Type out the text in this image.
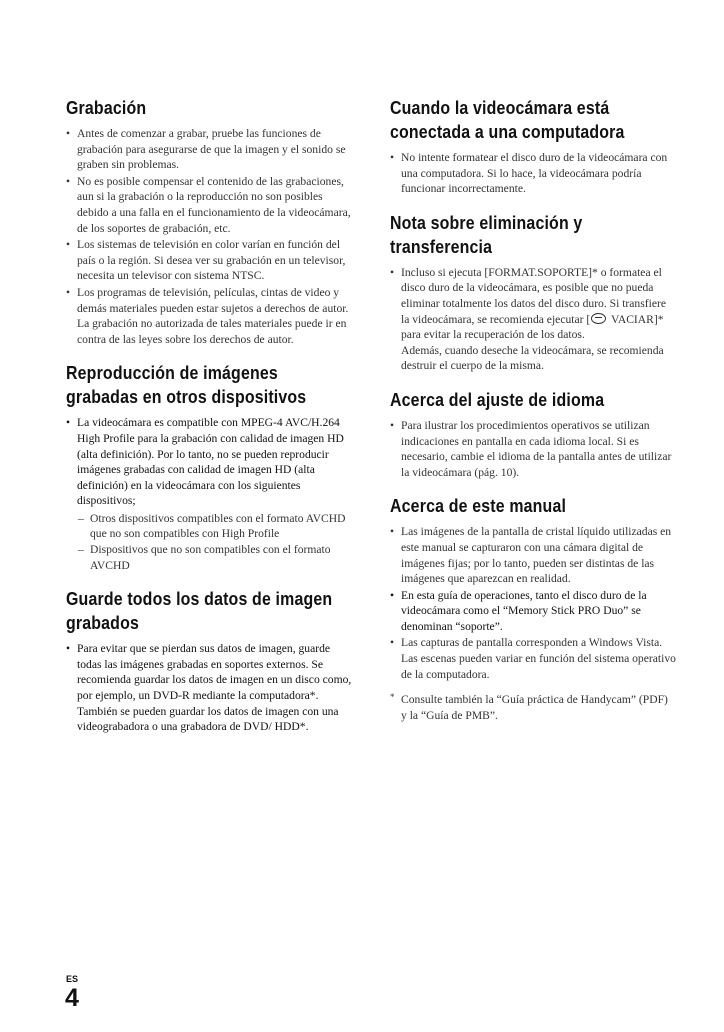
Grabación
• Antes de comenzar a grabar, pruebe las funciones de grabación para asegurarse de que la imagen y el sonido se graben sin problemas.
• No es posible compensar el contenido de las grabaciones, aun si la grabación o la reproducción no son posibles debido a una falla en el funcionamiento de la videocámara, de los soportes de grabación, etc.
• Los sistemas de televisión en color varían en función del país o la región. Si desea ver su grabación en un televisor, necesita un televisor con sistema NTSC.
• Los programas de televisión, películas, cintas de video y demás materiales pueden estar sujetos a derechos de autor. La grabación no autorizada de tales materiales puede ir en contra de las leyes sobre los derechos de autor.
Reproducción de imágenes grabadas en otros dispositivos
• La videocámara es compatible con MPEG-4 AVC/H.264 High Profile para la grabación con calidad de imagen HD (alta definición). Por lo tanto, no se pueden reproducir imágenes grabadas con calidad de imagen HD (alta definición) en la videocámara con los siguientes dispositivos;
– Otros dispositivos compatibles con el formato AVCHD que no son compatibles con High Profile
– Dispositivos que no son compatibles con el formato AVCHD
Guarde todos los datos de imagen grabados
• Para evitar que se pierdan sus datos de imagen, guarde todas las imágenes grabadas en soportes externos. Se recomienda guardar los datos de imagen en un disco como, por ejemplo, un DVD-R mediante la computadora*. También se pueden guardar los datos de imagen con una videograbadora o una grabadora de DVD/ HDD*.
Cuando la videocámara está conectada a una computadora
• No intente formatear el disco duro de la videocámara con una computadora. Si lo hace, la videocámara podría funcionar incorrectamente.
Nota sobre eliminación y transferencia
• Incluso si ejecuta [FORMAT.SOPORTE]* o formatea el disco duro de la videocámara, es posible que no pueda eliminar totalmente los datos del disco duro. Si transfiere la videocámara, se recomienda ejecutar [ VACIAR]* para evitar la recuperación de los datos.
Además, cuando deseche la videocámara, se recomienda destruir el cuerpo de la misma.
Acerca del ajuste de idioma
• Para ilustrar los procedimientos operativos se utilizan indicaciones en pantalla en cada idioma local. Si es necesario, cambie el idioma de la pantalla antes de utilizar la videocámara (pág. 10).
Acerca de este manual
• Las imágenes de la pantalla de cristal líquido utilizadas en este manual se capturaron con una cámara digital de imágenes fijas; por lo tanto, pueden ser distintas de las imágenes que aparezcan en realidad.
• En esta guía de operaciones, tanto el disco duro de la videocámara como el “Memory Stick PRO Duo” se denominan “soporte”.
• Las capturas de pantalla corresponden a Windows Vista. Las escenas pueden variar en función del sistema operativo de la computadora.
* Consulte también la “Guía práctica de Handycam” (PDF) y la “Guía de PMB”.
ES
4
